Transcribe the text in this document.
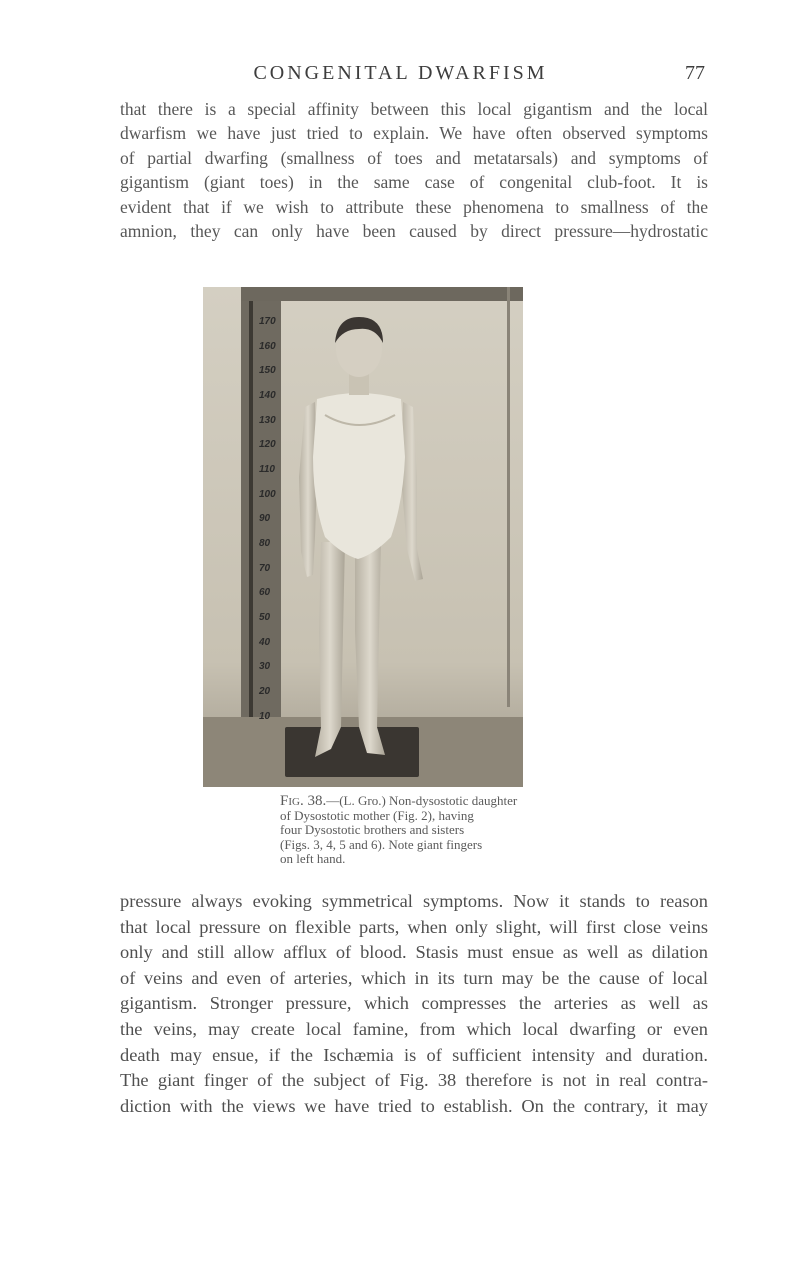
CONGENITAL DWARFISM	77
that there is a special affinity between this local gigantism and the local
dwarfism we have just tried to explain. We have often observed symptoms
of partial dwarfing (smallness of toes and metatarsals) and symptoms of
gigantism (giant toes) in the same case of congenital club-foot. It is
evident that if we wish to attribute these phenomena to smallness of the
amnion, they can only have been caused by direct pressure—hydrostatic
170
160
150
140
130
120
110
100
90
80
70
60
50
40
30
20
10
Fig. 38.—(L. Gro.) Non-dysostotic daughter
of Dysostotic mother (Fig. 2), having
four Dysostotic brothers and sisters
(Figs. 3, 4, 5 and 6). Note giant fingers
on left hand.
pressure always evoking symmetrical symptoms. Now it stands to reason
that local pressure on flexible parts, when only slight, will first close veins
only and still allow afflux of blood. Stasis must ensue as well as dilation
of veins and even of arteries, which in its turn may be the cause of local
gigantism. Stronger pressure, which compresses the arteries as well as
the veins, may create local famine, from which local dwarfing or even
death may ensue, if the Ischæmia is of sufficient intensity and duration.
The giant finger of the subject of Fig. 38 therefore is not in real contra-
diction with the views we have tried to establish. On the contrary, it may
